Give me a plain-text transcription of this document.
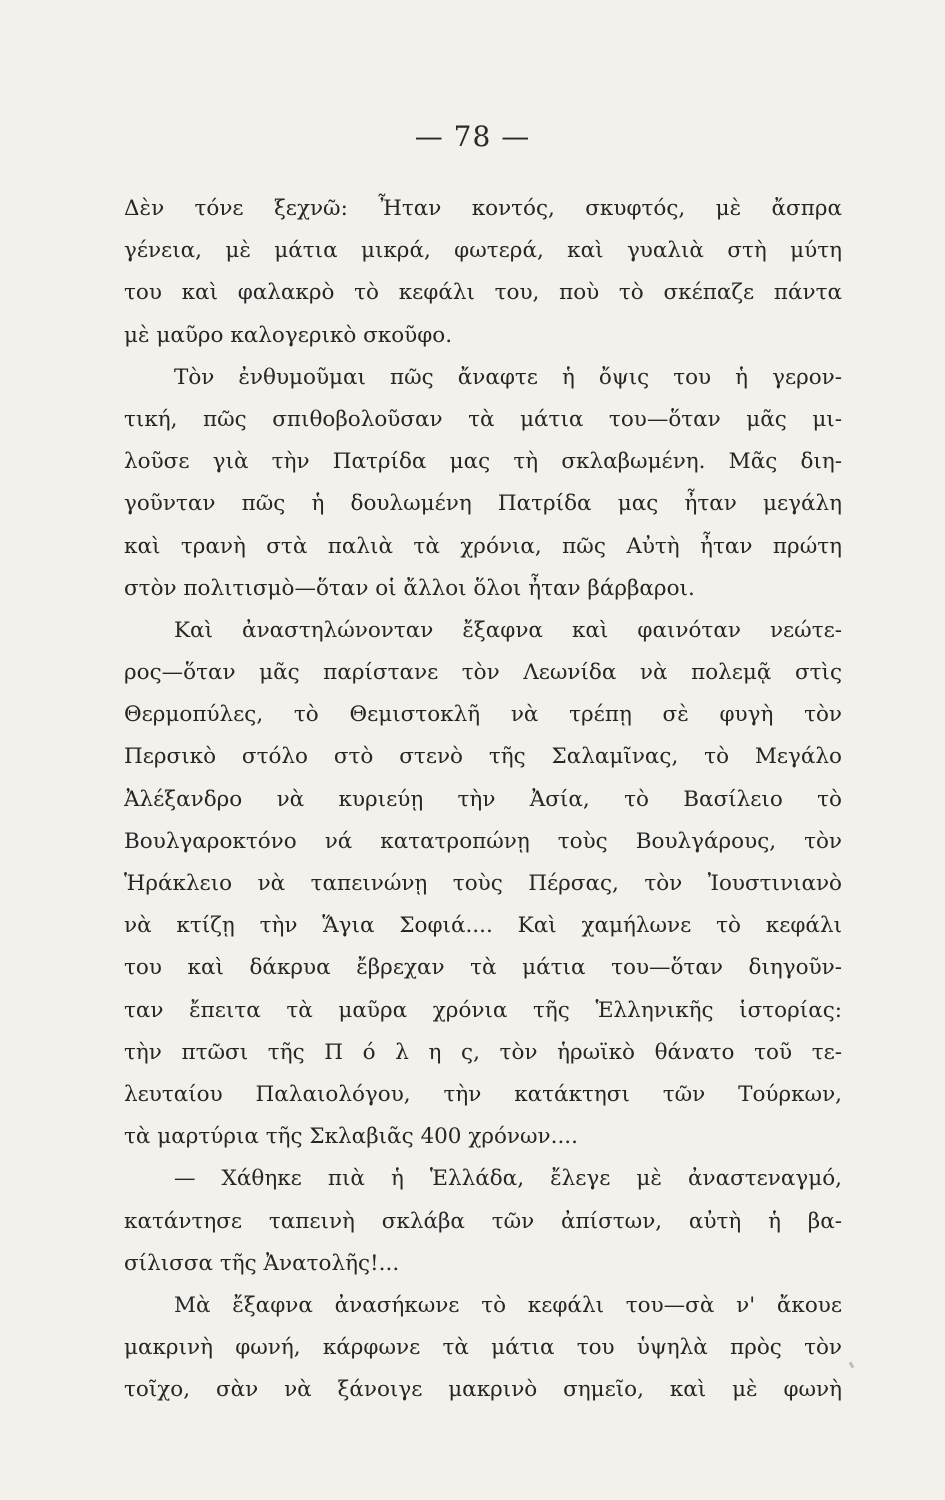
— 78 —
Δὲν τόνε ξεχνῶ: Ἦταν κοντός, σκυφτός, μὲ ἄσπρα
γένεια, μὲ μάτια μικρά, φωτερά, καὶ γυαλιὰ στὴ μύτη
του καὶ φαλακρὸ τὸ κεφάλι του, ποὺ τὸ σκέπαζε πάντα
μὲ μαῦρο καλογερικὸ σκοῦφο.
Τὸν ἐνθυμοῦμαι πῶς ἄναφτε ἡ ὄψις του ἡ γερον-
τική, πῶς σπιθοβολοῦσαν τὰ μάτια του—ὅταν μᾶς μι-
λοῦσε γιὰ τὴν Πατρίδα μας τὴ σκλαβωμένη. Μᾶς διη-
γοῦνταν πῶς ἡ δουλωμένη Πατρίδα μας ἦταν μεγάλη
καὶ τρανὴ στὰ παλιὰ τὰ χρόνια, πῶς Αὐτὴ ἦταν πρώτη
στὸν πολιτισμὸ—ὅταν οἱ ἄλλοι ὅλοι ἦταν βάρβαροι.
Καὶ ἀναστηλώνονταν ἔξαφνα καὶ φαινόταν νεώτε-
ρος—ὅταν μᾶς παρίστανε τὸν Λεωνίδα νὰ πολεμᾷ στὶς
Θερμοπύλες, τὸ Θεμιστοκλῆ νὰ τρέπῃ σὲ φυγὴ τὸν
Περσικὸ στόλο στὸ στενὸ τῆς Σαλαμῖνας, τὸ Μεγάλο
Ἀλέξανδρο νὰ κυριεύῃ τὴν Ἀσία, τὸ Βασίλειο τὸ
Βουλγαροκτόνο νά κατατροπώνῃ τοὺς Βουλγάρους, τὸν
Ἡράκλειο νὰ ταπεινώνῃ τοὺς Πέρσας, τὸν Ἰουστινιανὸ
νὰ κτίζῃ τὴν Ἅγια Σοφιά.... Καὶ χαμήλωνε τὸ κεφάλι
του καὶ δάκρυα ἔβρεχαν τὰ μάτια του—ὅταν διηγοῦν-
ταν ἔπειτα τὰ μαῦρα χρόνια τῆς Ἑλληνικῆς ἱστορίας:
τὴν πτῶσι τῆς Π ό λ η ς, τὸν ἡρωϊκὸ θάνατο τοῦ τε-
λευταίου Παλαιολόγου, τὴν κατάκτησι τῶν Τούρκων,
τὰ μαρτύρια τῆς Σκλαβιᾶς 400 χρόνων....
— Χάθηκε πιὰ ἡ Ἑλλάδα, ἔλεγε μὲ ἀναστεναγμό,
κατάντησε ταπεινὴ σκλάβα τῶν ἀπίστων, αὐτὴ ἡ βα-
σίλισσα τῆς Ἀνατολῆς!...
Μὰ ἔξαφνα ἀνασήκωνε τὸ κεφάλι του—σὰ ν' ἄκουε
μακρινὴ φωνή, κάρφωνε τὰ μάτια του ὑψηλὰ πρὸς τὸν
τοῖχο, σὰν νὰ ξάνοιγε μακρινὸ σημεῖο, καὶ μὲ φωνὴ
